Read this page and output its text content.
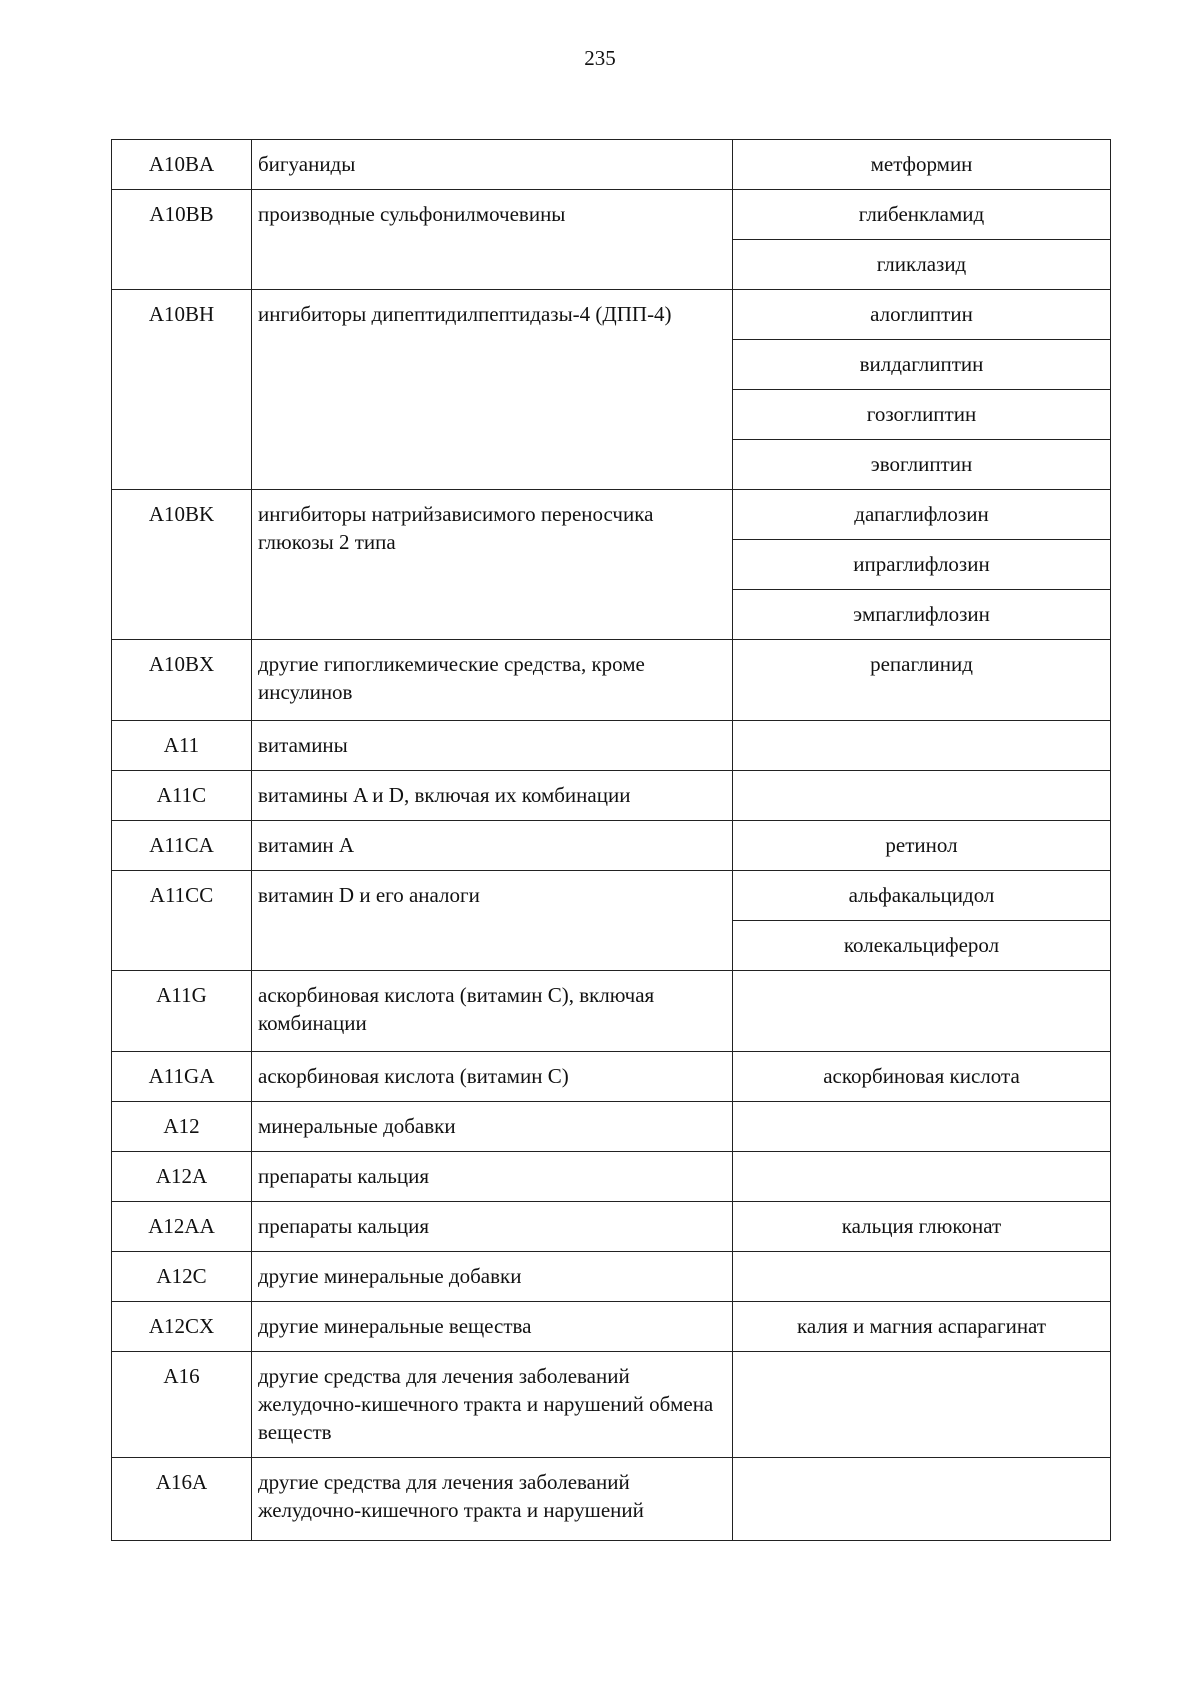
235
A10BA	бигуаниды	метформин
A10BB	производные сульфонилмочевины	глибенкламид
		гликлазид
A10BH	ингибиторы дипептидилпептидазы-4 (ДПП-4)	алоглиптин
		вилдаглиптин
		гозоглиптин
		эвоглиптин
A10BK	ингибиторы натрийзависимого переносчика глюкозы 2 типа	дапаглифлозин
		ипраглифлозин
		эмпаглифлозин
A10BX	другие гипогликемические средства, кроме инсулинов	репаглинид
A11	витамины	

A11C	витамины A и D, включая их комбинации	

A11CA	витамин A	ретинол
A11CC	витамин D и его аналоги	альфакальцидол
		колекальциферол
A11G	аскорбиновая кислота (витамин C), включая комбинации	

A11GA	аскорбиновая кислота (витамин C)	аскорбиновая кислота
A12	минеральные добавки	

A12A	препараты кальция	

A12AA	препараты кальция	кальция глюконат
A12C	другие минеральные добавки	

A12CX	другие минеральные вещества	калия и магния аспарагинат
A16	другие средства для лечения заболеваний желудочно-кишечного тракта и нарушений обмена веществ	

A16A	другие средства для лечения заболеваний желудочно-кишечного тракта и нарушений	
